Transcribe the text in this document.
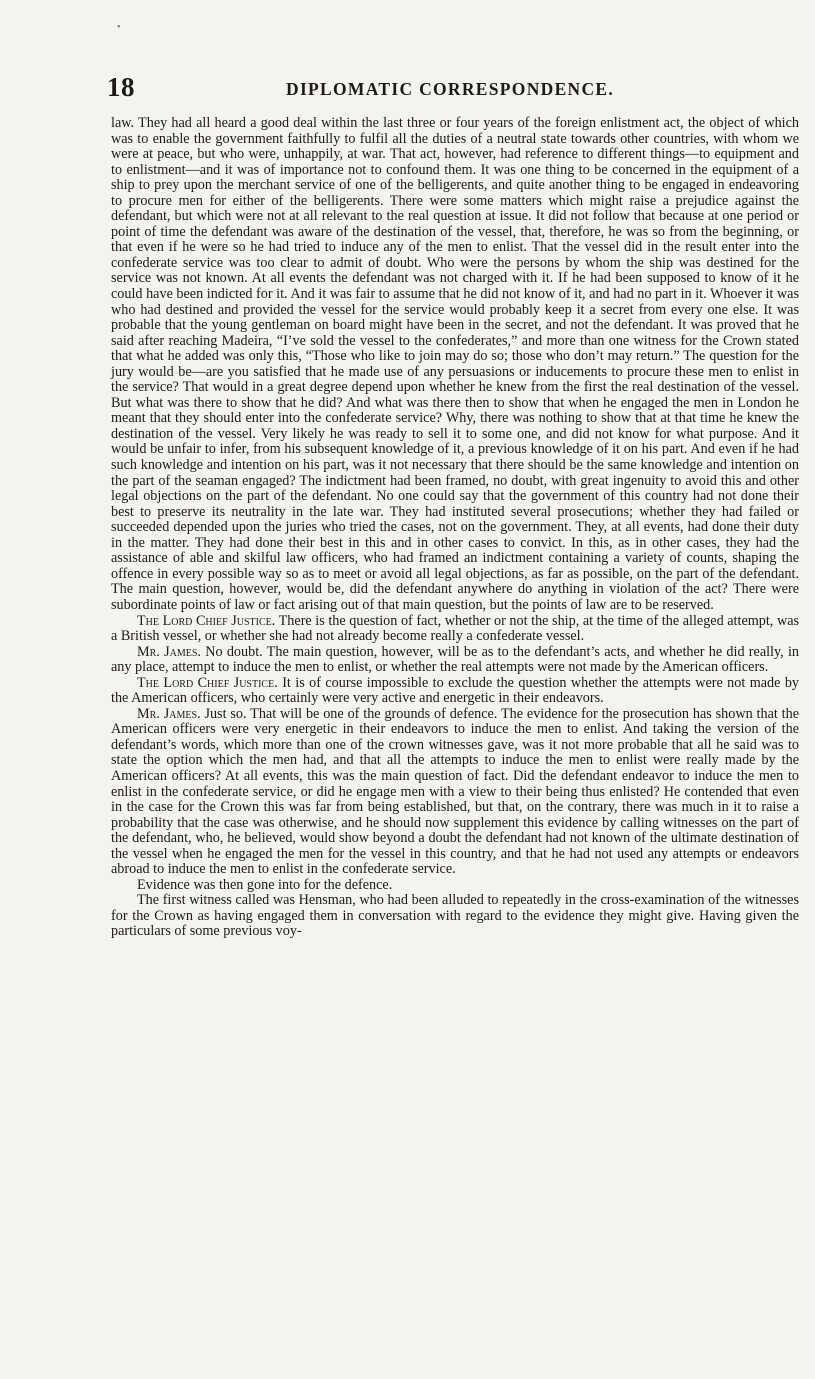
•
18	DIPLOMATIC CORRESPONDENCE.

law. They had all heard a good deal within the last three or four years of the foreign enlistment act, the object of which was to enable the government faithfully to fulfil all the duties of a neutral state towards other countries, with whom we were at peace, but who were, unhappily, at war. That act, however, had reference to different things—to equipment and to enlistment—and it was of importance not to confound them. It was one thing to be concerned in the equipment of a ship to prey upon the merchant service of one of the belligerents, and quite another thing to be engaged in endeavoring to procure men for either of the belligerents. There were some matters which might raise a prejudice against the defendant, but which were not at all relevant to the real question at issue. It did not follow that because at one period or point of time the defendant was aware of the destination of the vessel, that, therefore, he was so from the beginning, or that even if he were so he had tried to induce any of the men to enlist. That the vessel did in the result enter into the confederate service was too clear to admit of doubt. Who were the persons by whom the ship was destined for the service was not known. At all events the defendant was not charged with it. If he had been supposed to know of it he could have been indicted for it. And it was fair to assume that he did not know of it, and had no part in it. Whoever it was who had destined and provided the vessel for the service would probably keep it a secret from every one else. It was probable that the young gentleman on board might have been in the secret, and not the defendant. It was proved that he said after reaching Madeira, “I’ve sold the vessel to the confederates,” and more than one witness for the Crown stated that what he added was only this, “Those who like to join may do so; those who don’t may return.” The question for the jury would be—are you satisfied that he made use of any persuasions or inducements to procure these men to enlist in the service? That would in a great degree depend upon whether he knew from the first the real destination of the vessel. But what was there to show that he did? And what was there then to show that when he engaged the men in London he meant that they should enter into the confederate service? Why, there was nothing to show that at that time he knew the destination of the vessel. Very likely he was ready to sell it to some one, and did not know for what purpose. And it would be unfair to infer, from his subsequent knowledge of it, a previous knowledge of it on his part. And even if he had such knowledge and intention on his part, was it not necessary that there should be the same knowledge and intention on the part of the seaman engaged? The indictment had been framed, no doubt, with great ingenuity to avoid this and other legal objections on the part of the defendant. No one could say that the government of this country had not done their best to preserve its neutrality in the late war. They had instituted several prosecutions; whether they had failed or succeeded depended upon the juries who tried the cases, not on the government. They, at all events, had done their duty in the matter. They had done their best in this and in other cases to convict. In this, as in other cases, they had the assistance of able and skilful law officers, who had framed an indictment containing a variety of counts, shaping the offence in every possible way so as to meet or avoid all legal objections, as far as possible, on the part of the defendant. The main question, however, would be, did the defendant anywhere do anything in violation of the act? There were subordinate points of law or fact arising out of that main question, but the points of law are to be reserved.

The Lord Chief Justice. There is the question of fact, whether or not the ship, at the time of the alleged attempt, was a British vessel, or whether she had not already become really a confederate vessel.

Mr. James. No doubt. The main question, however, will be as to the defendant’s acts, and whether he did really, in any place, attempt to induce the men to enlist, or whether the real attempts were not made by the American officers.

The Lord Chief Justice. It is of course impossible to exclude the question whether the attempts were not made by the American officers, who certainly were very active and energetic in their endeavors.

Mr. James. Just so. That will be one of the grounds of defence. The evidence for the prosecution has shown that the American officers were very energetic in their endeavors to induce the men to enlist. And taking the version of the defendant’s words, which more than one of the crown witnesses gave, was it not more probable that all he said was to state the option which the men had, and that all the attempts to induce the men to enlist were really made by the American officers? At all events, this was the main question of fact. Did the defendant endeavor to induce the men to enlist in the confederate service, or did he engage men with a view to their being thus enlisted? He contended that even in the case for the Crown this was far from being established, but that, on the contrary, there was much in it to raise a probability that the case was otherwise, and he should now supplement this evidence by calling witnesses on the part of the defendant, who, he believed, would show beyond a doubt the defendant had not known of the ultimate destination of the vessel when he engaged the men for the vessel in this country, and that he had not used any attempts or endeavors abroad to induce the men to enlist in the confederate service.

Evidence was then gone into for the defence.

The first witness called was Hensman, who had been alluded to repeatedly in the cross-examination of the witnesses for the Crown as having engaged them in conversation with regard to the evidence they might give. Having given the particulars of some previous voy-
